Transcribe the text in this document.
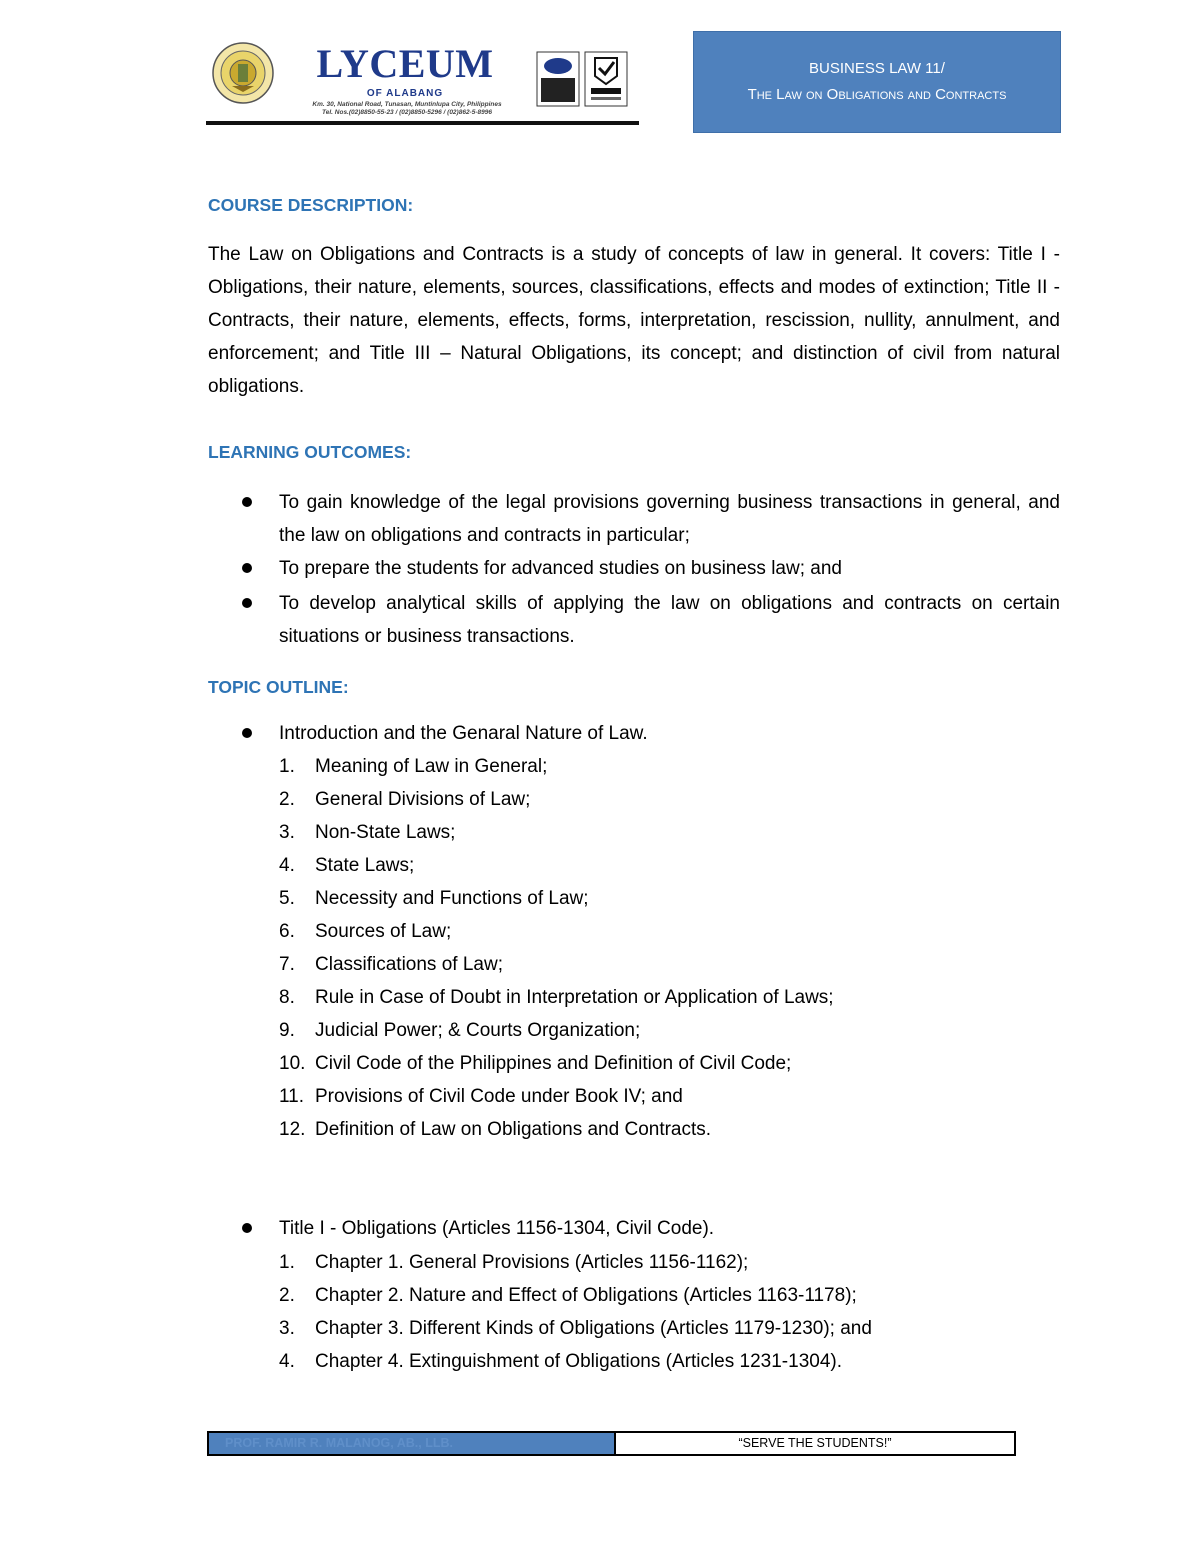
LYCEUM
OF ALABANG
Km. 30, National Road, Tunasan, Muntinlupa City, Philippines
Tel. Nos.(02)8850-55-23 / (02)8850-5296 / (02)862-5-8996
BUSINESS LAW 11/
The Law on Obligations and Contracts
COURSE DESCRIPTION:
The Law on Obligations and Contracts is a study of concepts of law in general. It covers: Title I - Obligations, their nature, elements, sources, classifications, effects and modes of extinction; Title II - Contracts, their nature, elements, effects, forms, interpretation, rescission, nullity, annulment, and enforcement; and Title III – Natural Obligations, its concept; and distinction of civil from natural obligations.
LEARNING OUTCOMES:
To gain knowledge of the legal provisions governing business transactions in general, and the law on obligations and contracts in particular;
To prepare the students for advanced studies on business law; and
To develop analytical skills of applying the law on obligations and contracts on certain situations or business transactions.
TOPIC OUTLINE:
Introduction and the Genaral Nature of Law.
1. Meaning of Law in General;
2. General Divisions of Law;
3. Non-State Laws;
4. State Laws;
5. Necessity and Functions of Law;
6. Sources of Law;
7. Classifications of Law;
8. Rule in Case of Doubt in Interpretation or Application of Laws;
9. Judicial Power; & Courts Organization;
10. Civil Code of the Philippines and Definition of Civil Code;
11. Provisions of Civil Code under Book IV; and
12. Definition of Law on Obligations and Contracts.
Title I - Obligations (Articles 1156-1304, Civil Code).
1. Chapter 1. General Provisions (Articles 1156-1162);
2. Chapter 2. Nature and Effect of Obligations (Articles 1163-1178);
3. Chapter 3. Different Kinds of Obligations (Articles 1179-1230); and
4. Chapter 4. Extinguishment of Obligations (Articles 1231-1304).
PROF. RAMIR R. MALANOG, AB., LLB.	“SERVE THE STUDENTS!”
